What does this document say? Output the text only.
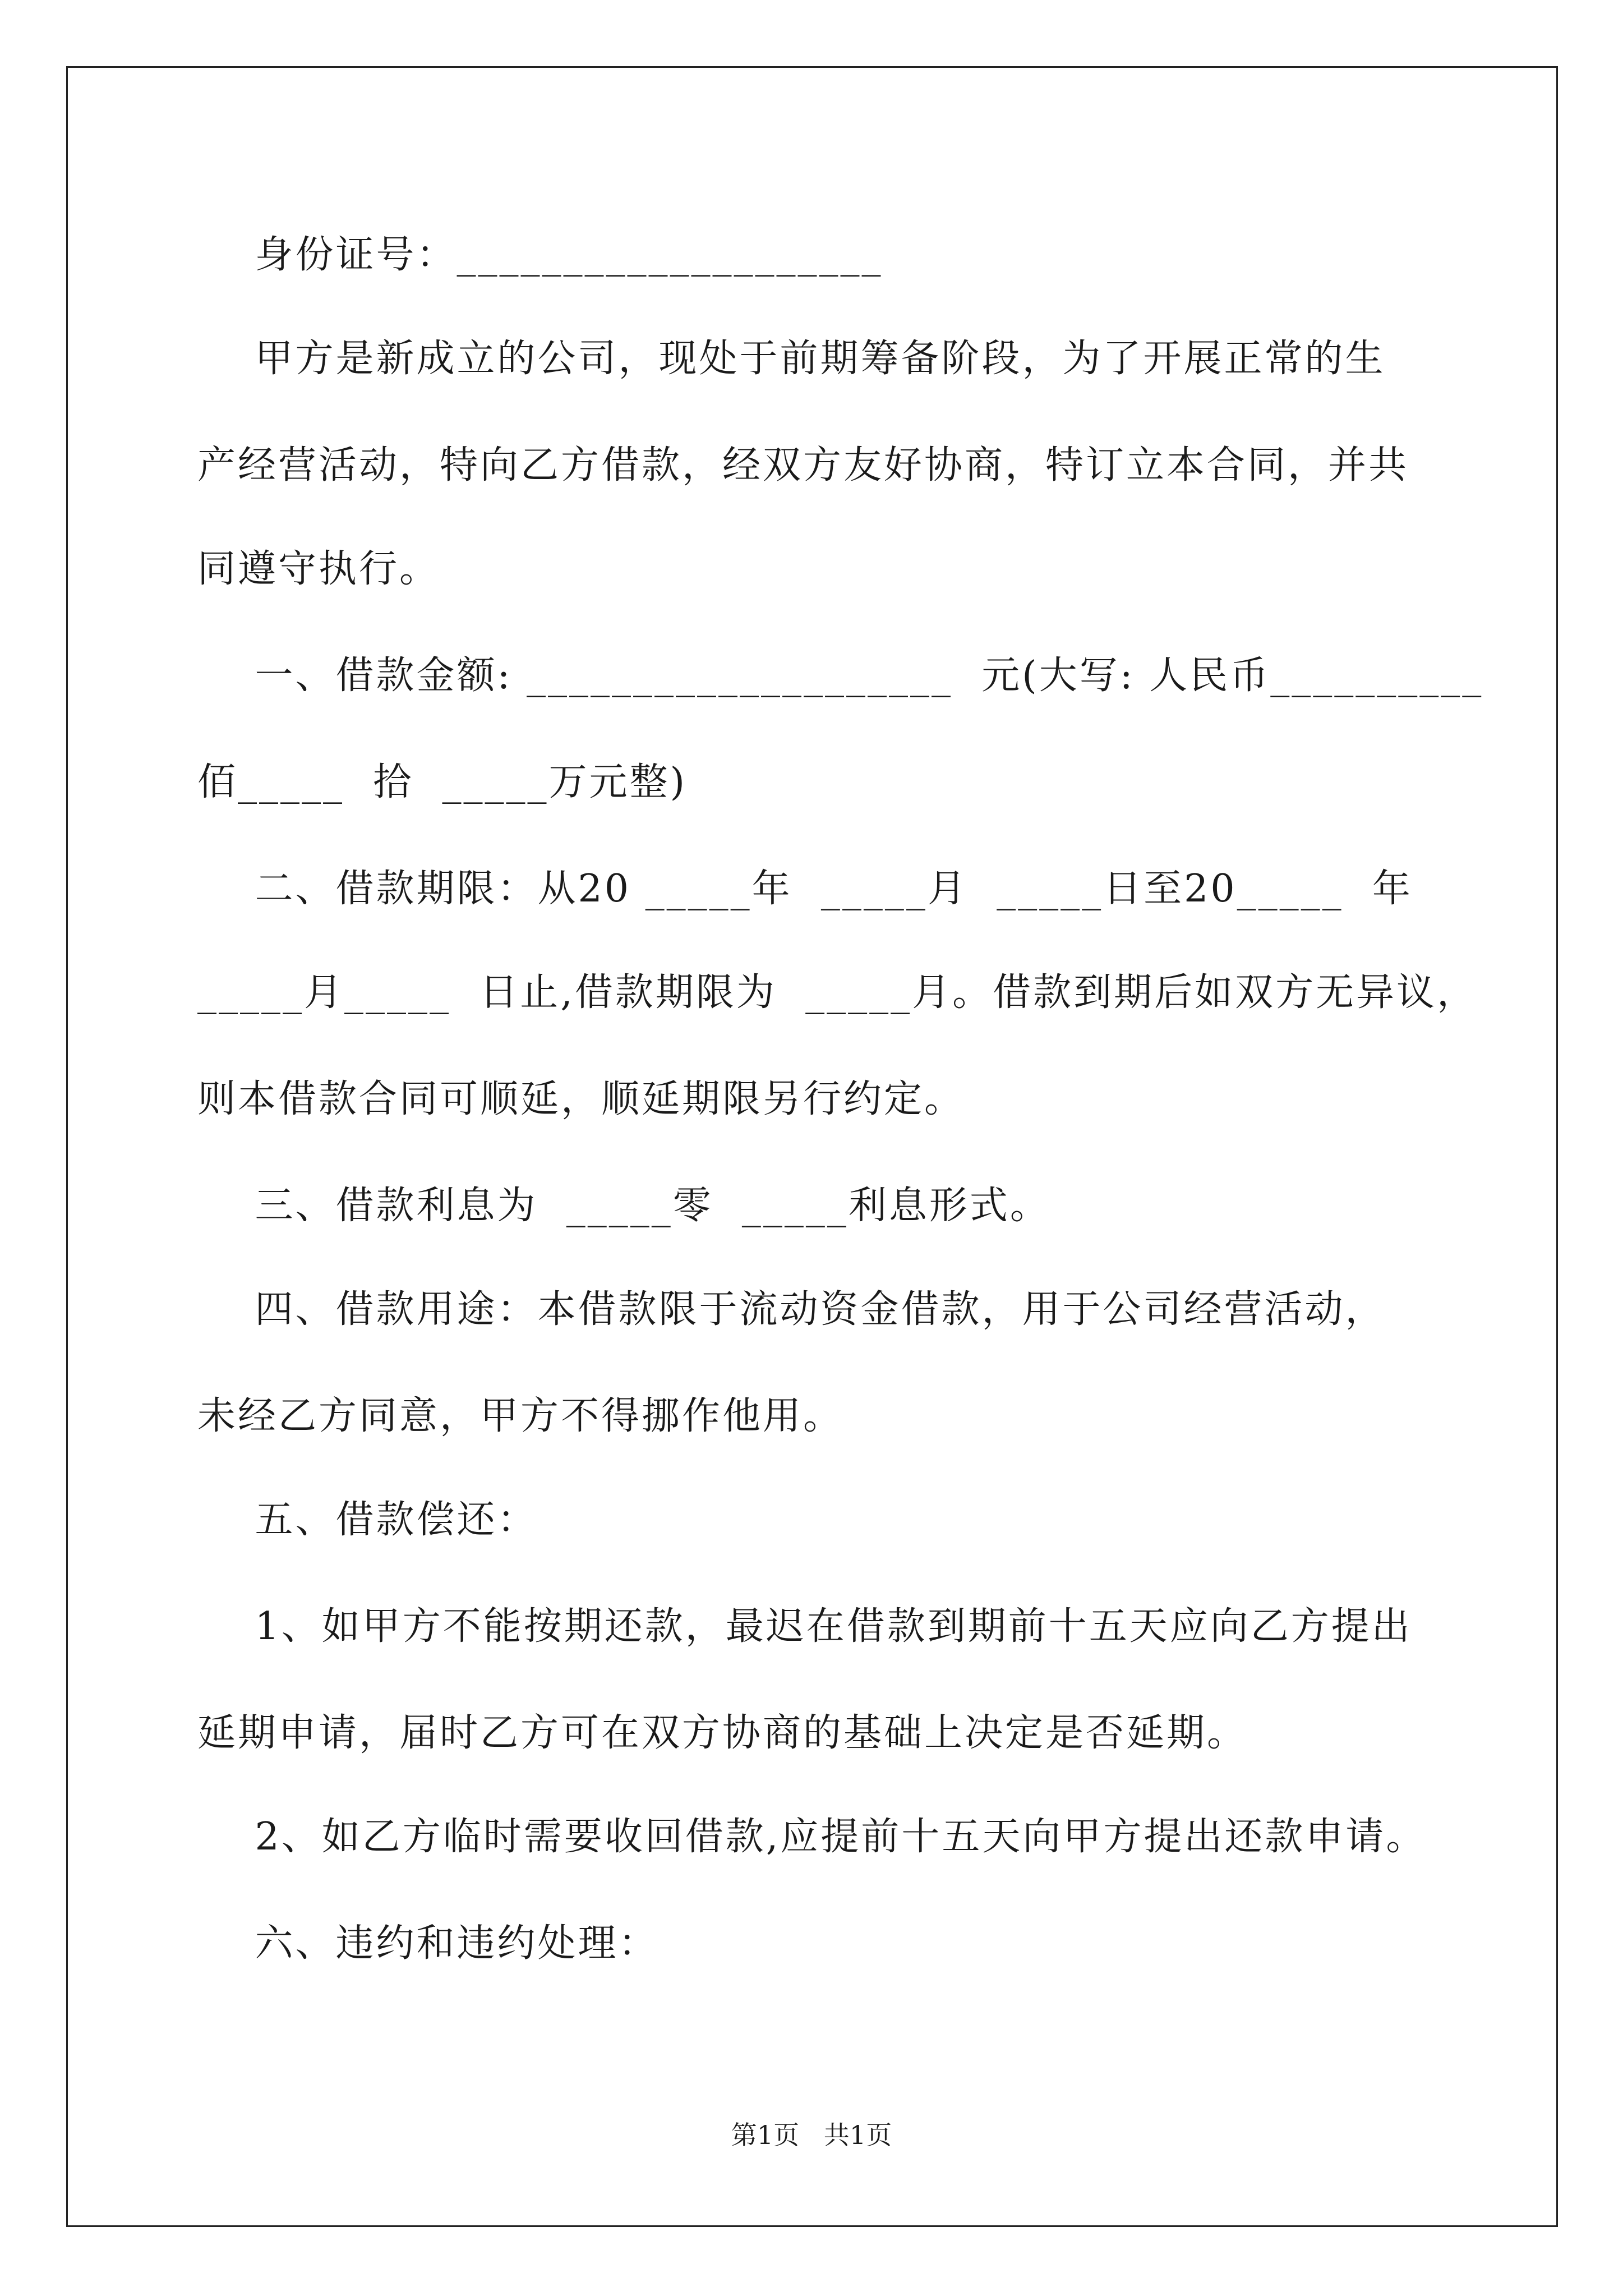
身份证号：____________________
甲方是新成立的公司，现处于前期筹备阶段，为了开展正常的生
产经营活动，特向乙方借款，经双方友好协商，特订立本合同，并共
同遵守执行。
一、借款金额: ____________________  元(大写: 人民币__________
佰_____  拾  _____万元整)
二、借款期限：从20 _____年  _____月  _____日至20_____  年
_____月_____  日止,借款期限为  _____月。借款到期后如双方无异议，
则本借款合同可顺延，顺延期限另行约定。
三、借款利息为  _____零  _____利息形式。
四、借款用途：本借款限于流动资金借款，用于公司经营活动，
未经乙方同意，甲方不得挪作他用。
五、借款偿还：
1、如甲方不能按期还款，最迟在借款到期前十五天应向乙方提出
延期申请，届时乙方可在双方协商的基础上决定是否延期。
2、如乙方临时需要收回借款,应提前十五天向甲方提出还款申请。
六、违约和违约处理：
第1页   共1页
